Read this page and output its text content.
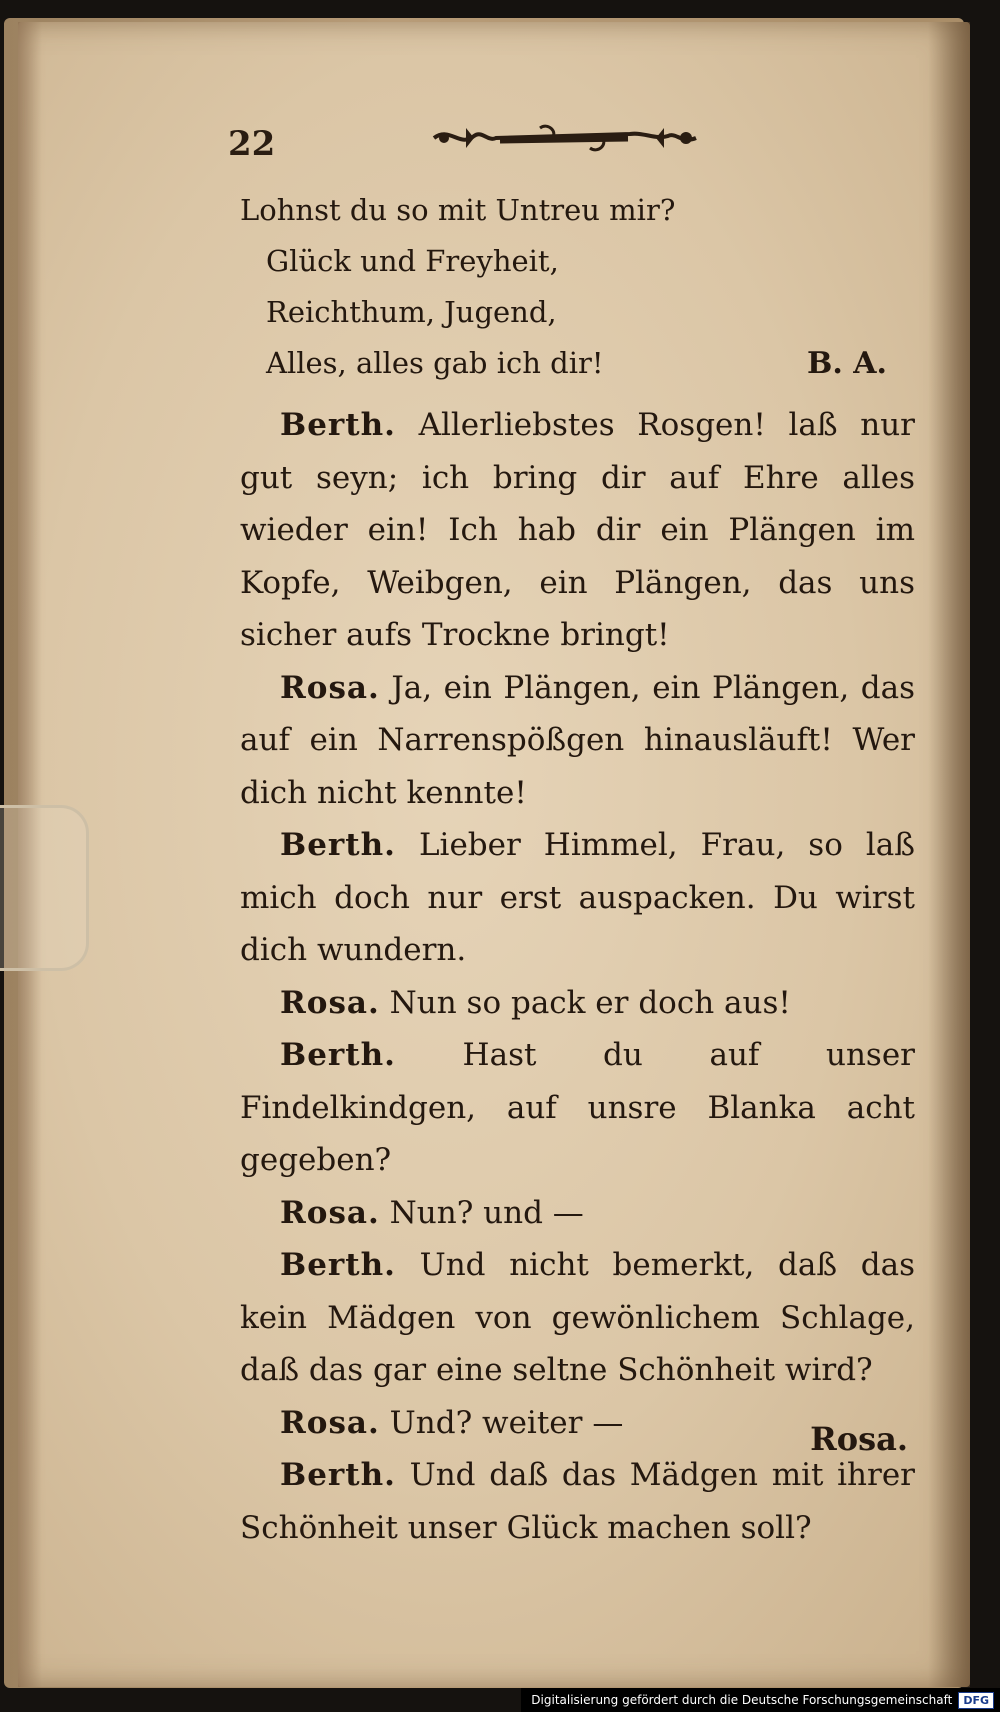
22
Lohnst du so mit Untreu mir?
Glück und Freyheit,
Reichthum, Jugend,
Alles, alles gab ich dir!	B. A.

Berth. Allerliebstes Rosgen! laß nur gut seyn; ich bring dir auf Ehre alles wieder ein! Ich hab dir ein Plängen im Kopfe, Weibgen, ein Plängen, das uns sicher aufs Trockne bringt!

Rosa. Ja, ein Plängen, ein Plängen, das auf ein Narrenspößgen hinausläuft! Wer dich nicht kennte!

Berth. Lieber Himmel, Frau, so laß mich doch nur erst auspacken. Du wirst dich wundern.

Rosa. Nun so pack er doch aus!

Berth. Hast du auf unser Findelkindgen, auf unsre Blanka acht gegeben?

Rosa. Nun? und —

Berth. Und nicht bemerkt, daß das kein Mädgen von gewönlichem Schlage, daß das gar eine seltne Schönheit wird?

Rosa. Und? weiter —

Berth. Und daß das Mädgen mit ihrer Schönheit unser Glück machen soll?

Rosa.
Digitalisierung gefördert durch die Deutsche Forschungsgemeinschaft	DFG
